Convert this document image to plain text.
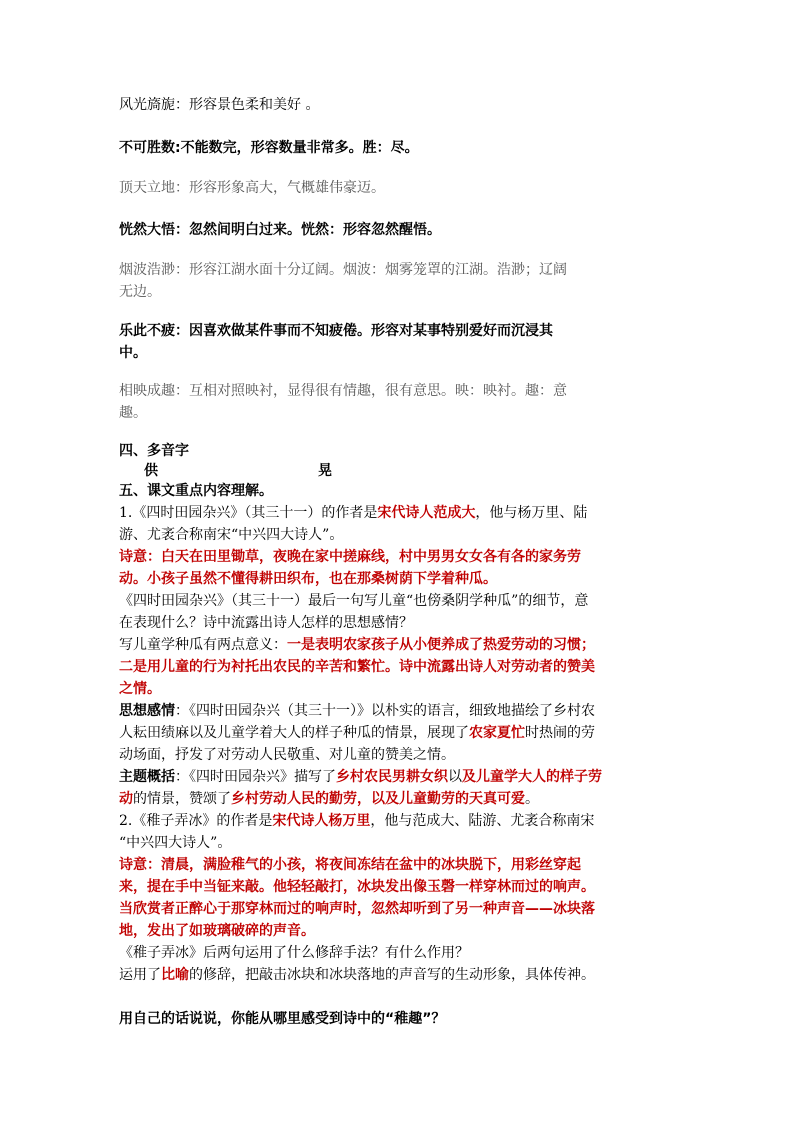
风光旖旎：形容景色柔和美好 。
不可胜数:不能数完，形容数量非常多。胜：尽。
顶天立地：形容形象高大，气概雄伟豪迈。
恍然大悟：忽然间明白过来。恍然：形容忽然醒悟。
烟波浩渺：形容江湖水面十分辽阔。烟波：烟雾笼罩的江湖。浩渺；辽阔
无边。
乐此不疲：因喜欢做某件事而不知疲倦。形容对某事特别爱好而沉浸其
中。
相映成趣：互相对照映衬，显得很有情趣，很有意思。映：映衬。趣：意
趣。
四、多音字
供	晃
五、课文重点内容理解。
1.《四时田园杂兴》（其三十一）的作者是宋代诗人范成大，他与杨万里、陆
游、尤袤合称南宋“中兴四大诗人”。
诗意：白天在田里锄草，夜晚在家中搓麻线，村中男男女女各有各的家务劳
动。小孩子虽然不懂得耕田织布，也在那桑树荫下学着种瓜。
《四时田园杂兴》（其三十一）最后一句写儿童“也傍桑阴学种瓜”的细节，意
在表现什么？诗中流露出诗人怎样的思想感情？
写儿童学种瓜有两点意义：一是表明农家孩子从小便养成了热爱劳动的习惯；
二是用儿童的行为衬托出农民的辛苦和繁忙。诗中流露出诗人对劳动者的赞美
之情。
思想感情：《四时田园杂兴（其三十一）》以朴实的语言，细致地描绘了乡村农
人耘田绩麻以及儿童学着大人的样子种瓜的情景，展现了农家夏忙时热闹的劳
动场面，抒发了对劳动人民敬重、对儿童的赞美之情。
主题概括：《四时田园杂兴》描写了乡村农民男耕女织以及儿童学大人的样子劳
动的情景，赞颂了乡村劳动人民的勤劳，以及儿童勤劳的天真可爱。
2.《稚子弄冰》的作者是宋代诗人杨万里，他与范成大、陆游、尤袤合称南宋
“中兴四大诗人”。
诗意：清晨，满脸稚气的小孩，将夜间冻结在盆中的冰块脱下，用彩丝穿起
来，提在手中当钲来敲。他轻轻敲打，冰块发出像玉磬一样穿林而过的响声。
当欣赏者正醉心于那穿林而过的响声时，忽然却听到了另一种声音——冰块落
地，发出了如玻璃破碎的声音。
《稚子弄冰》后两句运用了什么修辞手法？有什么作用？
运用了比喻的修辞，把敲击冰块和冰块落地的声音写的生动形象，具体传神。
用自己的话说说，你能从哪里感受到诗中的“稚趣”？
